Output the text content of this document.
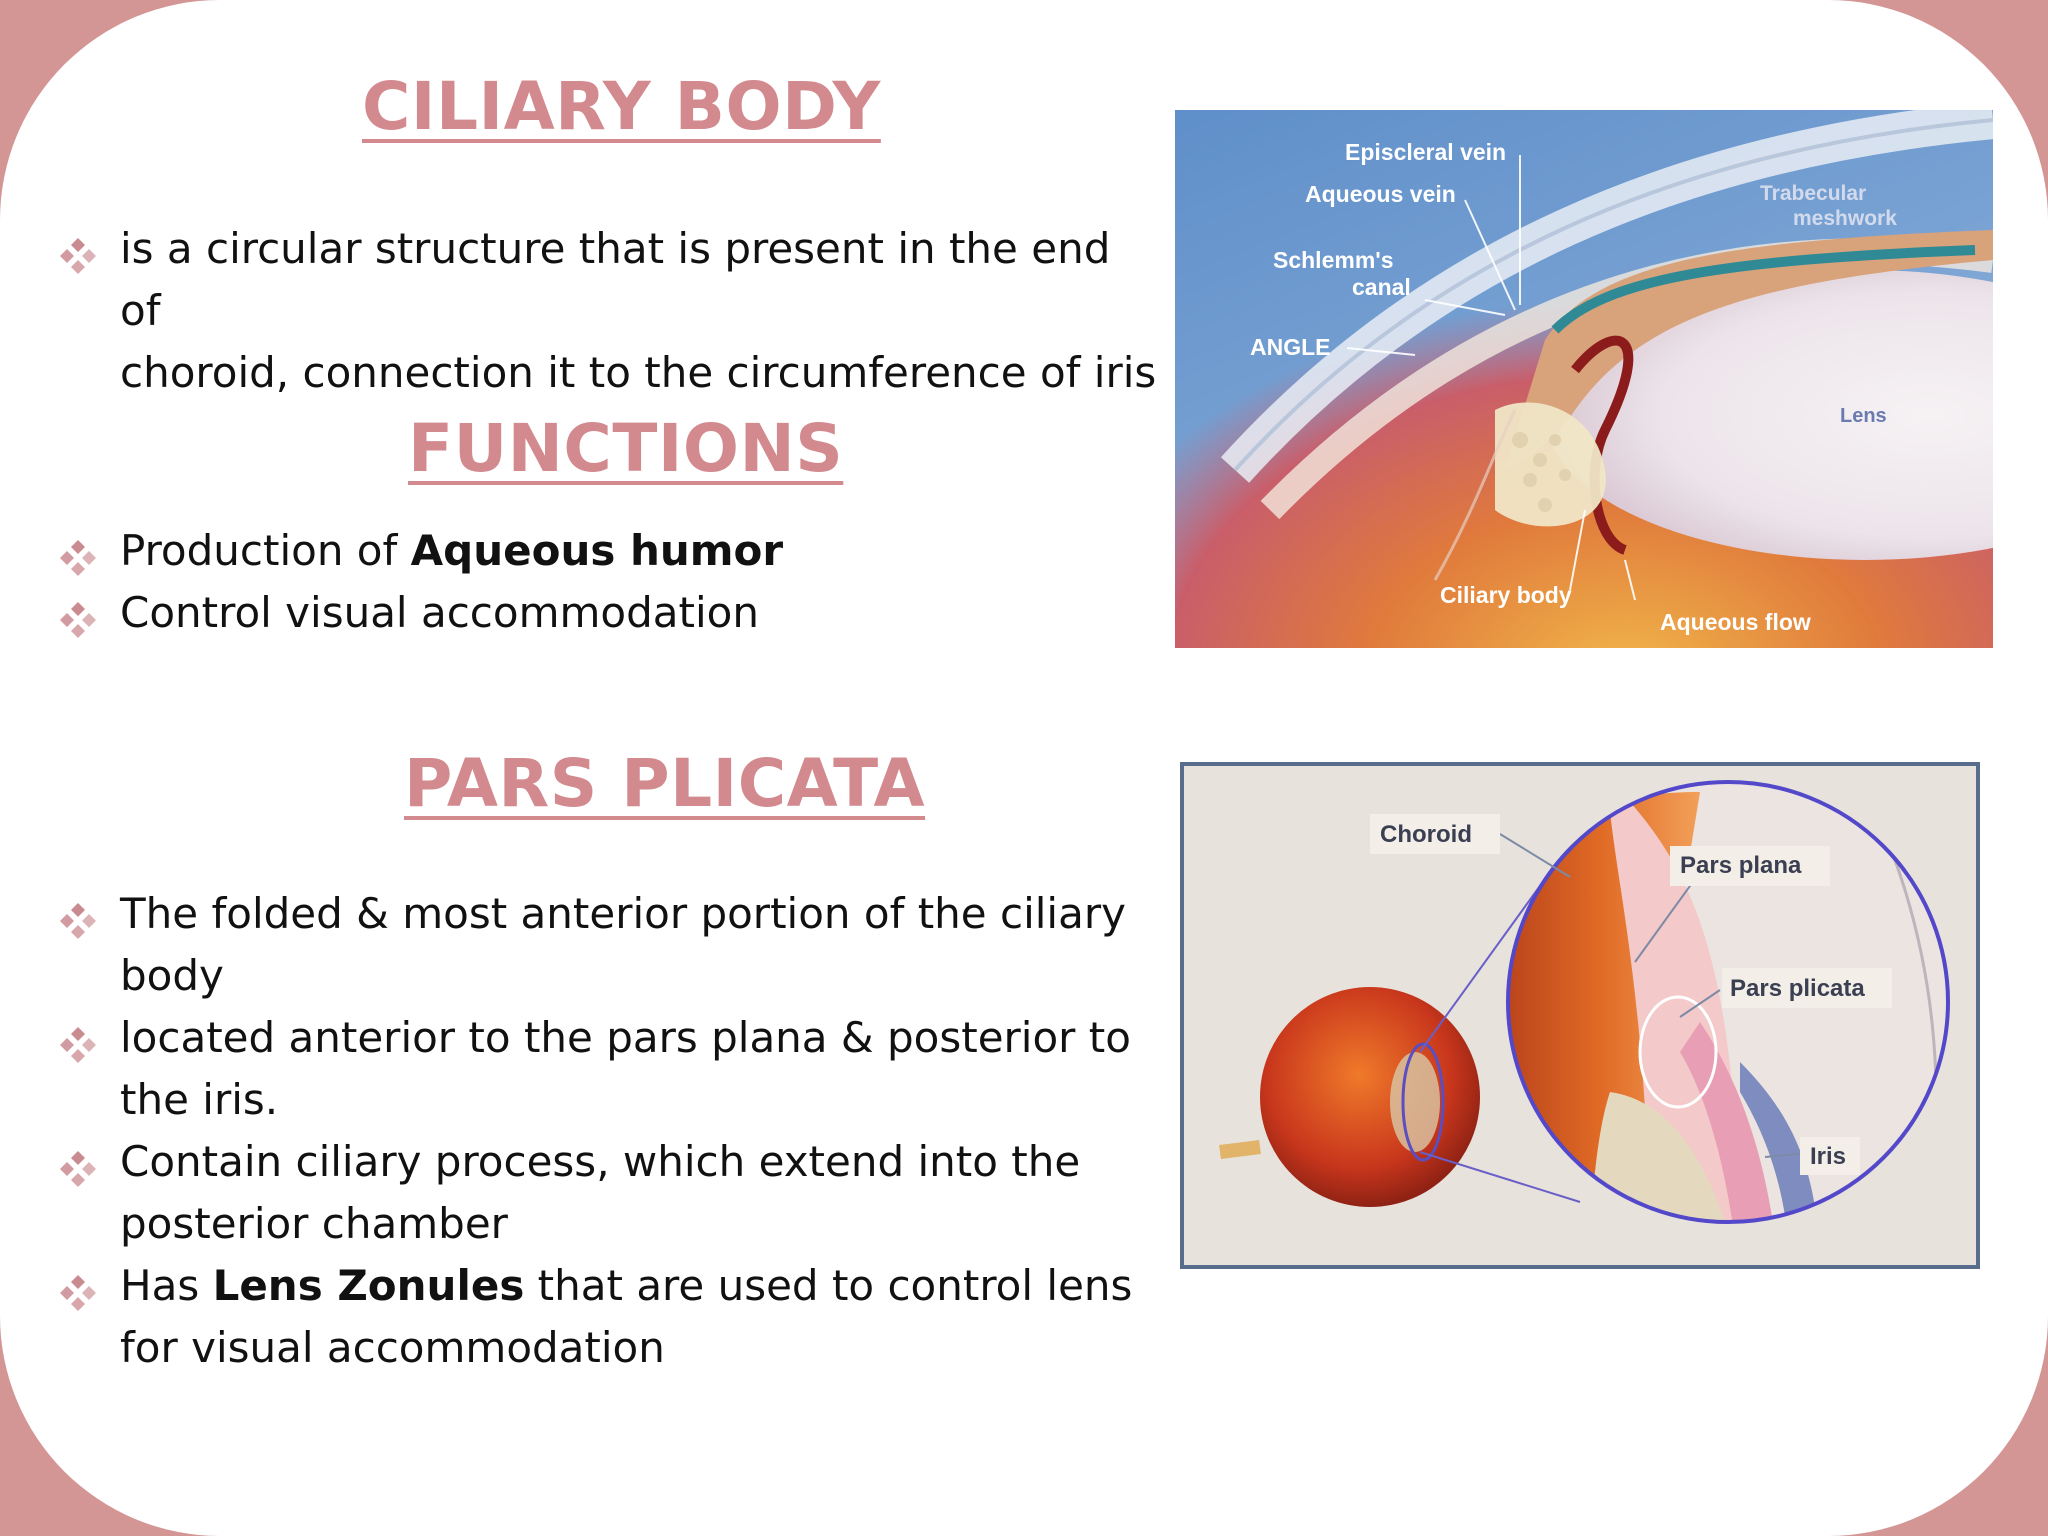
CILIARY BODY
is a circular structure that is present in the end of
choroid, connection it to the circumference of iris
FUNCTIONS
Production of Aqueous humor
Control visual accommodation
PARS PLICATA
The folded & most anterior portion of the ciliary
body
located anterior to the pars plana & posterior to
the iris.
Contain ciliary process, which extend into the
posterior chamber
Has Lens Zonules that are used to control lens
for visual accommodation
Episcleral vein
Aqueous vein
Schlemm's
canal
ANGLE
Ciliary body
Aqueous flow
Trabecular
meshwork
Lens
Choroid
Pars plana
Pars plicata
Iris
